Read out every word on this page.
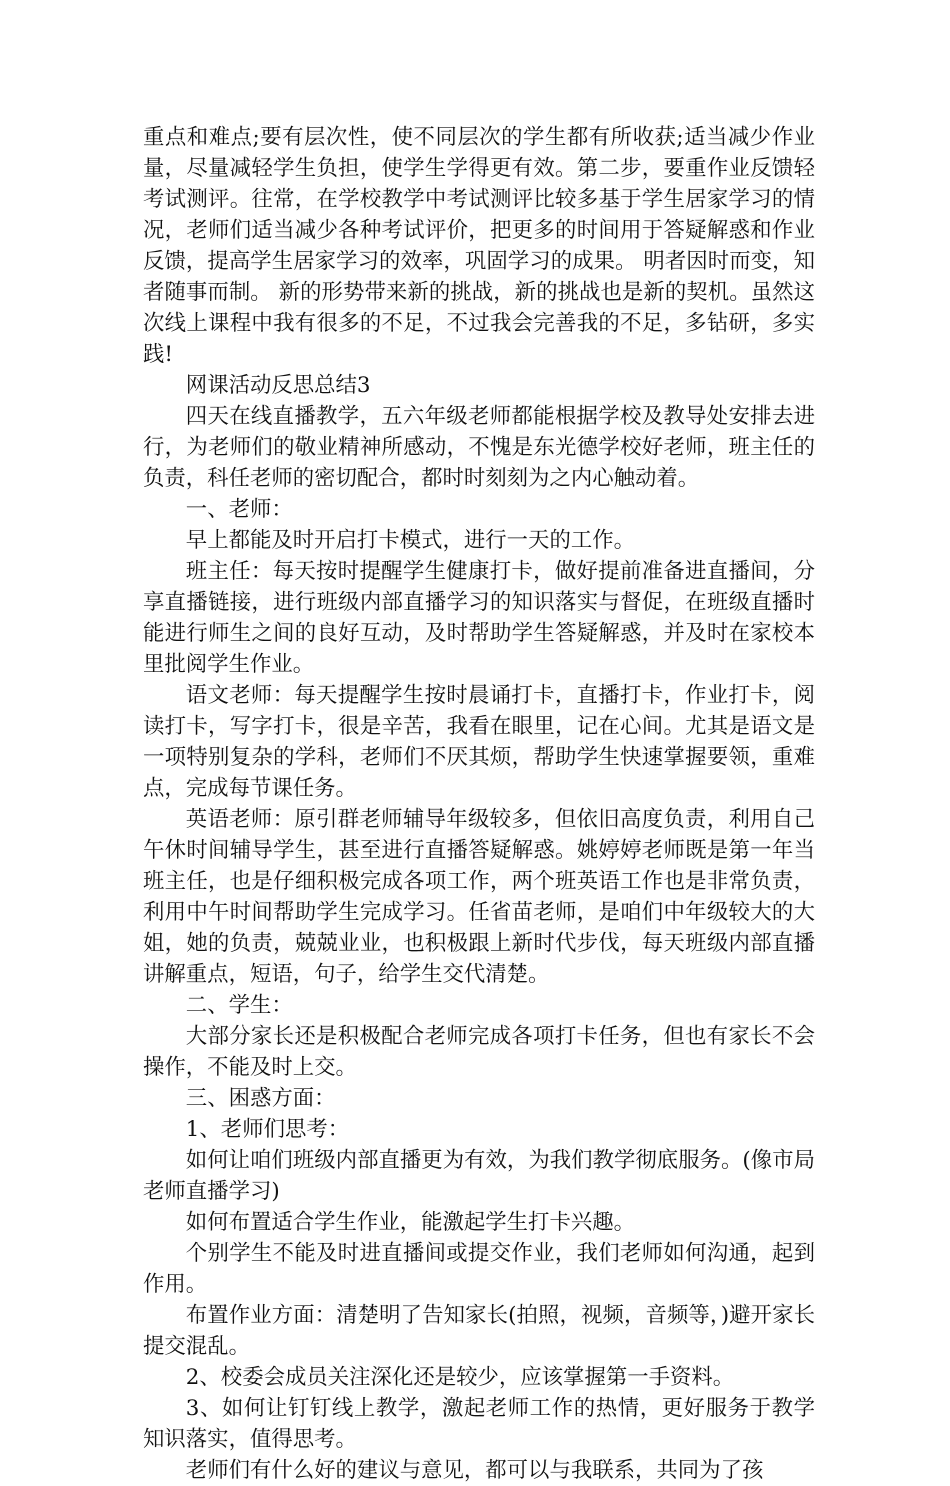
重点和难点;要有层次性，使不同层次的学生都有所收获;适当减少作业量，尽量减轻学生负担，使学生学得更有效。第二步，要重作业反馈轻考试测评。往常，在学校教学中考试测评比较多基于学生居家学习的情况，老师们适当减少各种考试评价，把更多的时间用于答疑解惑和作业反馈，提高学生居家学习的效率，巩固学习的成果。 明者因时而变，知者随事而制。 新的形势带来新的挑战，新的挑战也是新的契机。虽然这次线上课程中我有很多的不足，不过我会完善我的不足，多钻研，多实践!

网课活动反思总结3

四天在线直播教学，五六年级老师都能根据学校及教导处安排去进行，为老师们的敬业精神所感动，不愧是东光德学校好老师，班主任的负责，科任老师的密切配合，都时时刻刻为之内心触动着。

一、老师：

早上都能及时开启打卡模式，进行一天的工作。

班主任：每天按时提醒学生健康打卡，做好提前准备进直播间，分享直播链接，进行班级内部直播学习的知识落实与督促，在班级直播时能进行师生之间的良好互动，及时帮助学生答疑解惑，并及时在家校本里批阅学生作业。

语文老师：每天提醒学生按时晨诵打卡，直播打卡，作业打卡，阅读打卡，写字打卡，很是辛苦，我看在眼里，记在心间。尤其是语文是一项特别复杂的学科，老师们不厌其烦，帮助学生快速掌握要领，重难点，完成每节课任务。

英语老师：原引群老师辅导年级较多，但依旧高度负责，利用自己午休时间辅导学生，甚至进行直播答疑解惑。姚婷婷老师既是第一年当班主任，也是仔细积极完成各项工作，两个班英语工作也是非常负责，利用中午时间帮助学生完成学习。任省苗老师，是咱们中年级较大的大姐，她的负责，兢兢业业，也积极跟上新时代步伐，每天班级内部直播讲解重点，短语，句子，给学生交代清楚。

二、学生：

大部分家长还是积极配合老师完成各项打卡任务，但也有家长不会操作，不能及时上交。

三、困惑方面：

1、老师们思考：

如何让咱们班级内部直播更为有效，为我们教学彻底服务。(像市局老师直播学习)

如何布置适合学生作业，能激起学生打卡兴趣。

个别学生不能及时进直播间或提交作业，我们老师如何沟通，起到作用。

布置作业方面：清楚明了告知家长(拍照，视频，音频等，)避开家长提交混乱。

2、校委会成员关注深化还是较少，应该掌握第一手资料。

3、如何让钉钉线上教学，激起老师工作的热情，更好服务于教学知识落实，值得思考。

老师们有什么好的建议与意见，都可以与我联系，共同为了孩
